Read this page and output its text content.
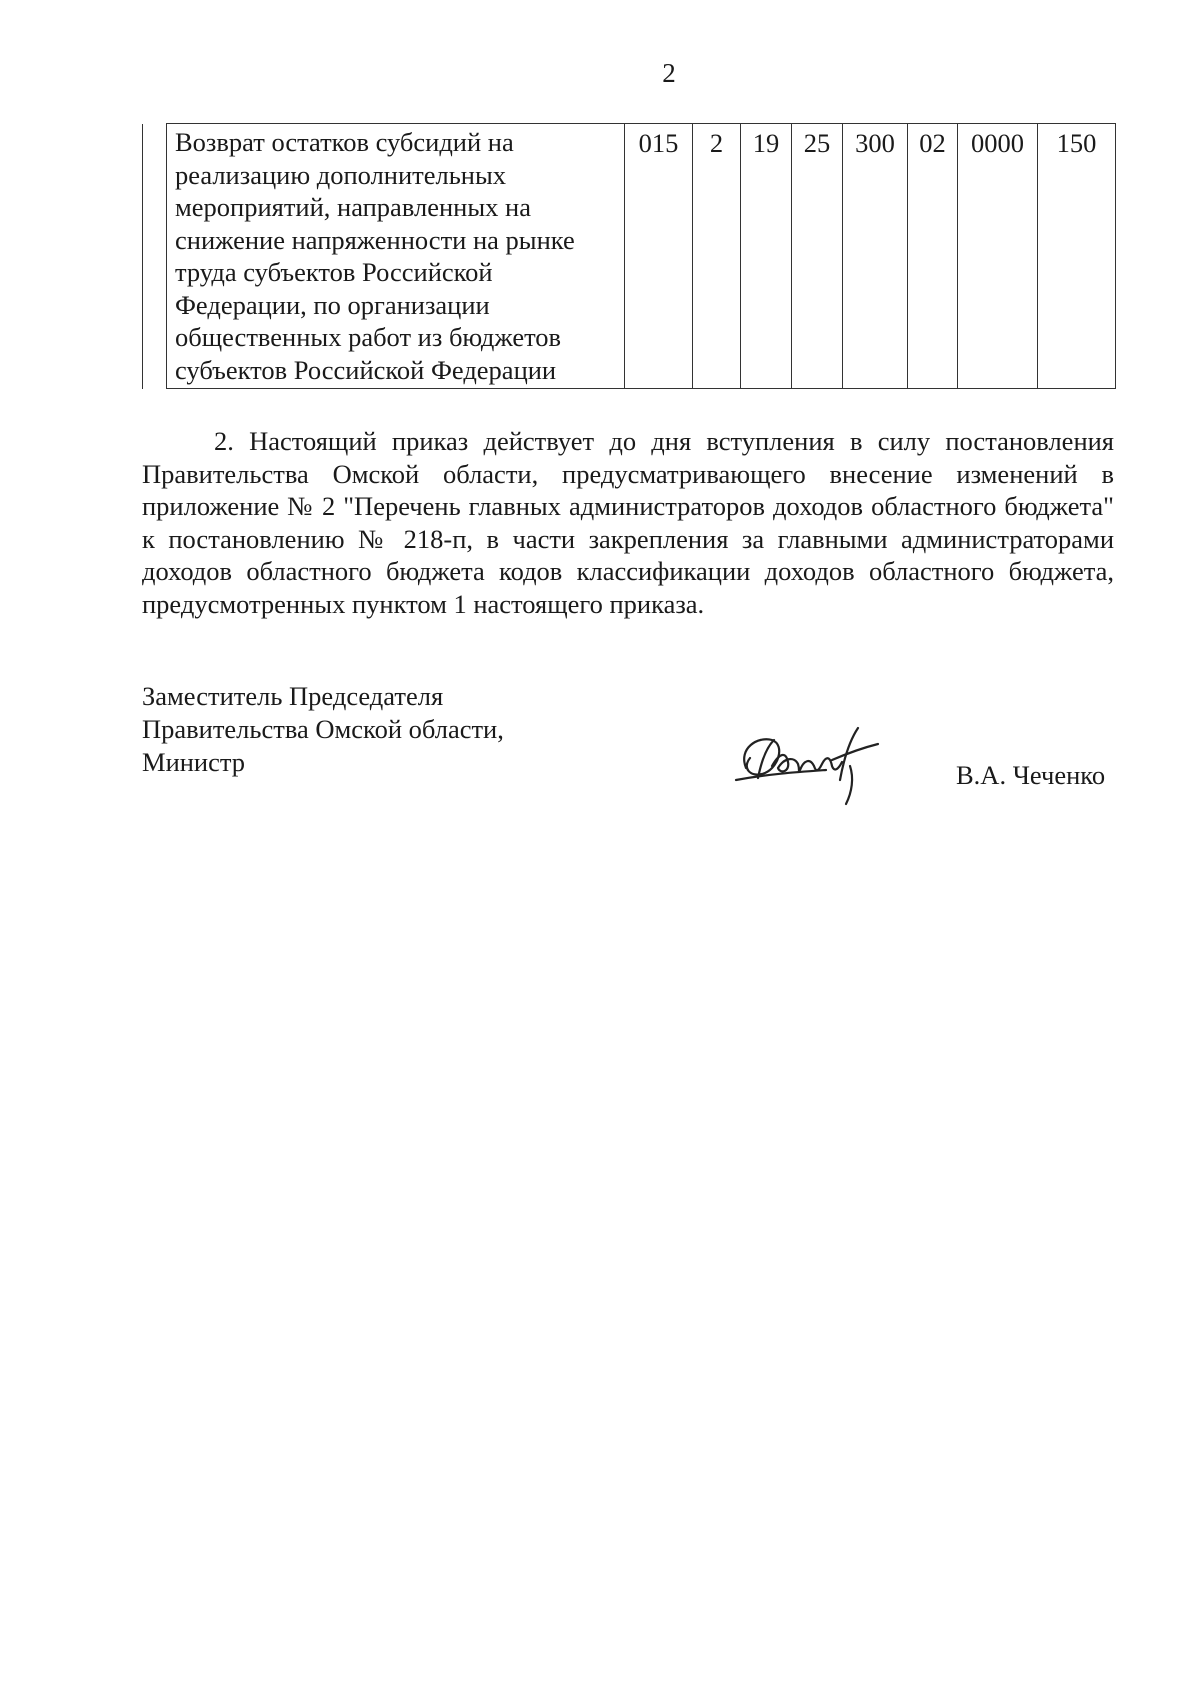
2
	Возврат остатков субсидий на реализацию дополнительных мероприятий, направленных на снижение напряженности на рынке труда субъектов Российской Федерации, по организации общественных работ из бюджетов субъектов Российской Федерации	015	2	19	25	300	02	0000	150

2. Настоящий приказ действует до дня вступления в силу постановления Правительства Омской области, предусматривающего внесение изменений в приложение № 2 "Перечень главных администраторов доходов областного бюджета" к постановлению № 218-п, в части закрепления за главными администраторами доходов областного бюджета кодов классификации доходов областного бюджета, предусмотренных пунктом 1 настоящего приказа.

Заместитель Председателя
Правительства Омской области,
Министр	В.А. Чеченко
